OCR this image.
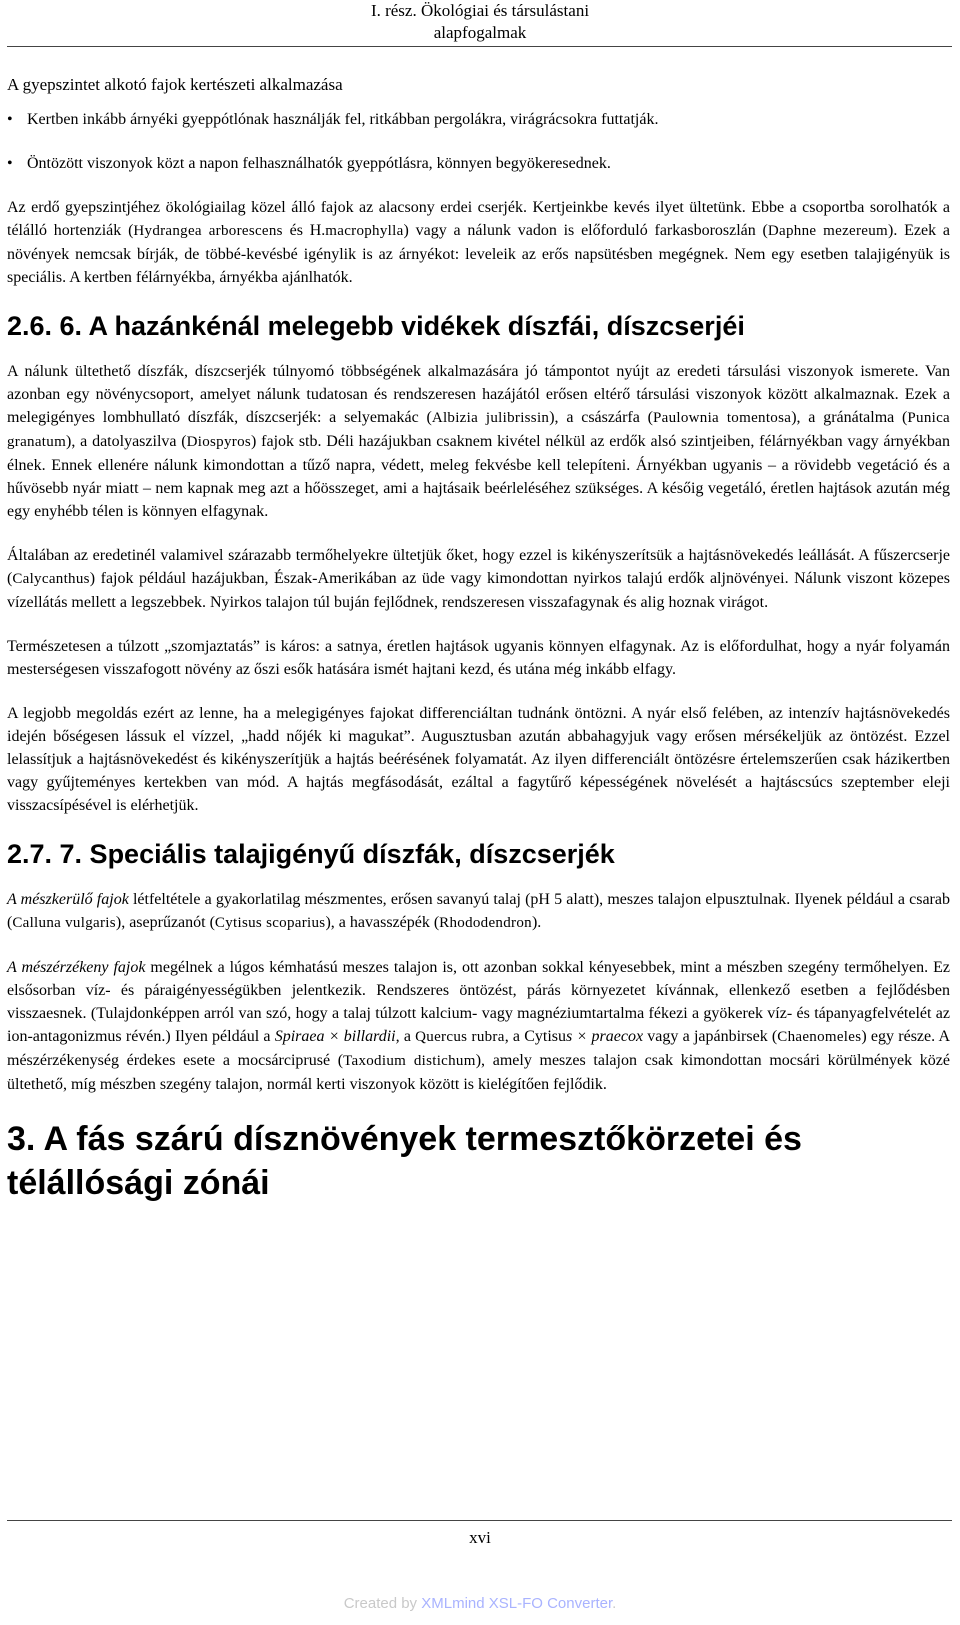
I. rész. Ökológiai és társulástani
alapfogalmak
A gyepszintet alkotó fajok kertészeti alkalmazása
• Kertben inkább árnyéki gyeppótlónak használják fel, ritkábban pergolákra, virágrácsokra futtatják.
• Öntözött viszonyok közt a napon felhasználhatók gyeppótlásra, könnyen begyökeresednek.

Az erdő gyepszintjéhez ökológiailag közel álló fajok az alacsony erdei cserjék. Kertjeinkbe kevés ilyet ültetünk. Ebbe a csoportba sorolhatók a télálló hortenziák (Hydrangea arborescens és H.macrophylla) vagy a nálunk vadon is előforduló farkasboroszlán (Daphne mezereum). Ezek a növények nemcsak bírják, de többé-kevésbé igénylik is az árnyékot: leveleik az erős napsütésben megégnek. Nem egy esetben talajigényük is speciális. A kertben félárnyékba, árnyékba ajánlhatók.

2.6. 6. A hazánkénál melegebb vidékek díszfái, díszcserjéi

A nálunk ültethető díszfák, díszcserjék túlnyomó többségének alkalmazására jó támpontot nyújt az eredeti társulási viszonyok ismerete. Van azonban egy növénycsoport, amelyet nálunk tudatosan és rendszeresen hazájától erősen eltérő társulási viszonyok között alkalmaznak. Ezek a melegigényes lombhullató díszfák, díszcserjék: a selyemakác (Albizia julibrissin), a császárfa (Paulownia tomentosa), a gránátalma (Punica granatum), a datolyaszilva (Diospyros) fajok stb. Déli hazájukban csaknem kivétel nélkül az erdők alsó szintjeiben, félárnyékban vagy árnyékban élnek. Ennek ellenére nálunk kimondottan a tűző napra, védett, meleg fekvésbe kell telepíteni. Árnyékban ugyanis – a rövidebb vegetáció és a hűvösebb nyár miatt – nem kapnak meg azt a hőösszeget, ami a hajtásaik beérleléséhez szükséges. A későig vegetáló, éretlen hajtások azután még egy enyhébb télen is könnyen elfagynak.

Általában az eredetinél valamivel szárazabb termőhelyekre ültetjük őket, hogy ezzel is kikényszerítsük a hajtásnövekedés leállását. A fűszercserje (Calycanthus) fajok például hazájukban, Észak-Amerikában az üde vagy kimondottan nyirkos talajú erdők aljnövényei. Nálunk viszont közepes vízellátás mellett a legszebbek. Nyirkos talajon túl buján fejlődnek, rendszeresen visszafagynak és alig hoznak virágot.

Természetesen a túlzott „szomjaztatás” is káros: a satnya, éretlen hajtások ugyanis könnyen elfagynak. Az is előfordulhat, hogy a nyár folyamán mesterségesen visszafogott növény az őszi esők hatására ismét hajtani kezd, és utána még inkább elfagy.

A legjobb megoldás ezért az lenne, ha a melegigényes fajokat differenciáltan tudnánk öntözni. A nyár első felében, az intenzív hajtásnövekedés idején bőségesen lássuk el vízzel, „hadd nőjék ki magukat”. Augusztusban azután abbahagyjuk vagy erősen mérsékeljük az öntözést. Ezzel lelassítjuk a hajtásnövekedést és kikényszerítjük a hajtás beérésének folyamatát. Az ilyen differenciált öntözésre értelemszerűen csak házikertben vagy gyűjteményes kertekben van mód. A hajtás megfásodását, ezáltal a fagytűrő képességének növelését a hajtáscsúcs szeptember eleji visszacsípésével is elérhetjük.

2.7. 7. Speciális talajigényű díszfák, díszcserjék

A mészkerülő fajok létfeltétele a gyakorlatilag mészmentes, erősen savanyú talaj (pH 5 alatt), meszes talajon elpusztulnak. Ilyenek például a csarab (Calluna vulgaris), aseprűzanót (Cytisus scoparius), a havasszépék (Rhododendron).

A mészérzékeny fajok megélnek a lúgos kémhatású meszes talajon is, ott azonban sokkal kényesebbek, mint a mészben szegény termőhelyen. Ez elsősorban víz- és páraigényességükben jelentkezik. Rendszeres öntözést, párás környezetet kívánnak, ellenkező esetben a fejlődésben visszaesnek. (Tulajdonképpen arról van szó, hogy a talaj túlzott kalcium- vagy magnéziumtartalma fékezi a gyökerek víz- és tápanyagfelvételét az ion-antagonizmus révén.) Ilyen például a Spiraea × billardii, a Quercus rubra, a Cytisus × praecox vagy a japánbirsek (Chaenomeles) egy része. A mészérzékenység érdekes esete a mocsárciprusé (Taxodium distichum), amely meszes talajon csak kimondottan mocsári körülmények közé ültethető, míg mészben szegény talajon, normál kerti viszonyok között is kielégítően fejlődik.

3. A fás szárú dísznövények termesztőkörzetei és
télállósági zónái
xvi
Created by XMLmind XSL-FO Converter.
